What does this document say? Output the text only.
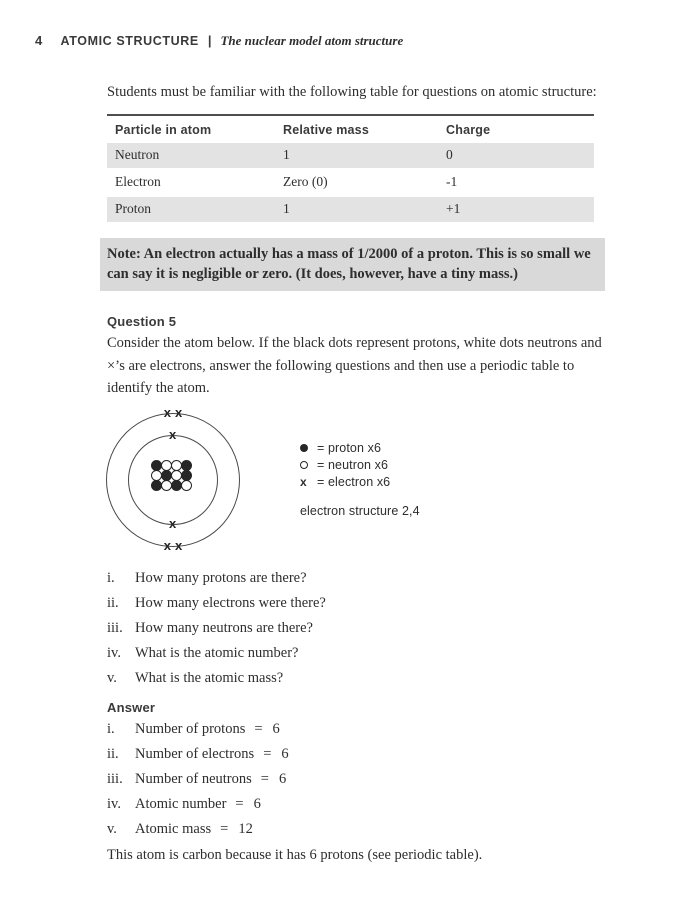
4 ATOMIC STRUCTURE | The nuclear model atom structure
Students must be familiar with the following table for questions on atomic structure:
Particle in atom	Relative mass	Charge
Neutron	1	0
Electron	Zero (0)	-1
Proton	1	+1
Note: An electron actually has a mass of 1/2000 of a proton. This is so small we can say it is negligible or zero. (It does, however, have a tiny mass.)
Question 5
Consider the atom below. If the black dots represent protons, white dots neutrons and ×’s are electrons, answer the following questions and then use a periodic table to identify the atom.
x x
x
x
x x
= proton x6
= neutron x6
x = electron x6
electron structure 2,4
i.	How many protons are there?
ii.	How many electrons were there?
iii. How many neutrons are there?
iv. What is the atomic number?
v.	What is the atomic mass?
Answer
i.	Number of protons = 6
ii.	Number of electrons = 6
iii. Number of neutrons = 6
iv. Atomic number = 6
v.	Atomic mass = 12
This atom is carbon because it has 6 protons (see periodic table).
